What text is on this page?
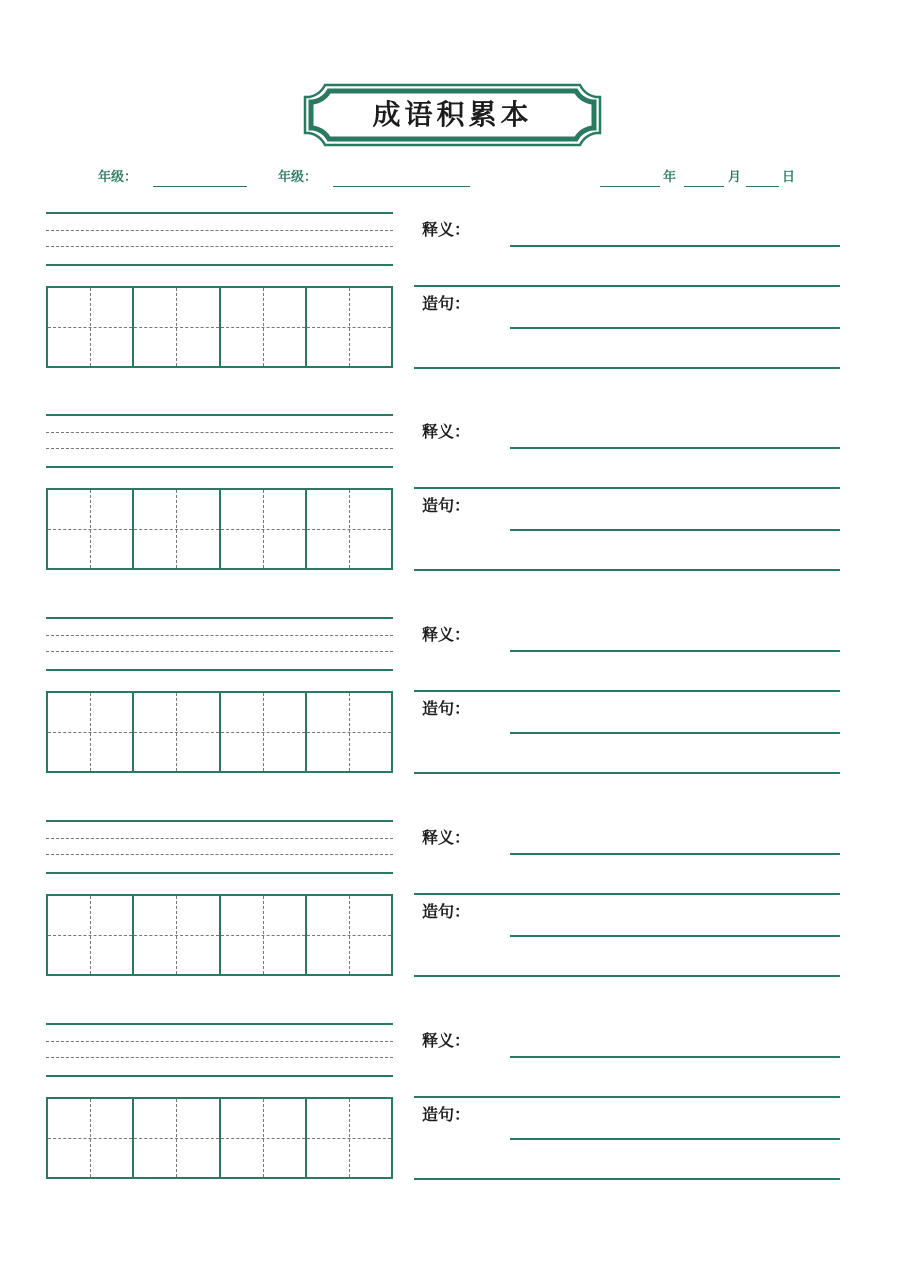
成语积累本
年级：	年级：	年	月	日
释义：
造句：
释义：
造句：
释义：
造句：
释义：
造句：
释义：
造句：
